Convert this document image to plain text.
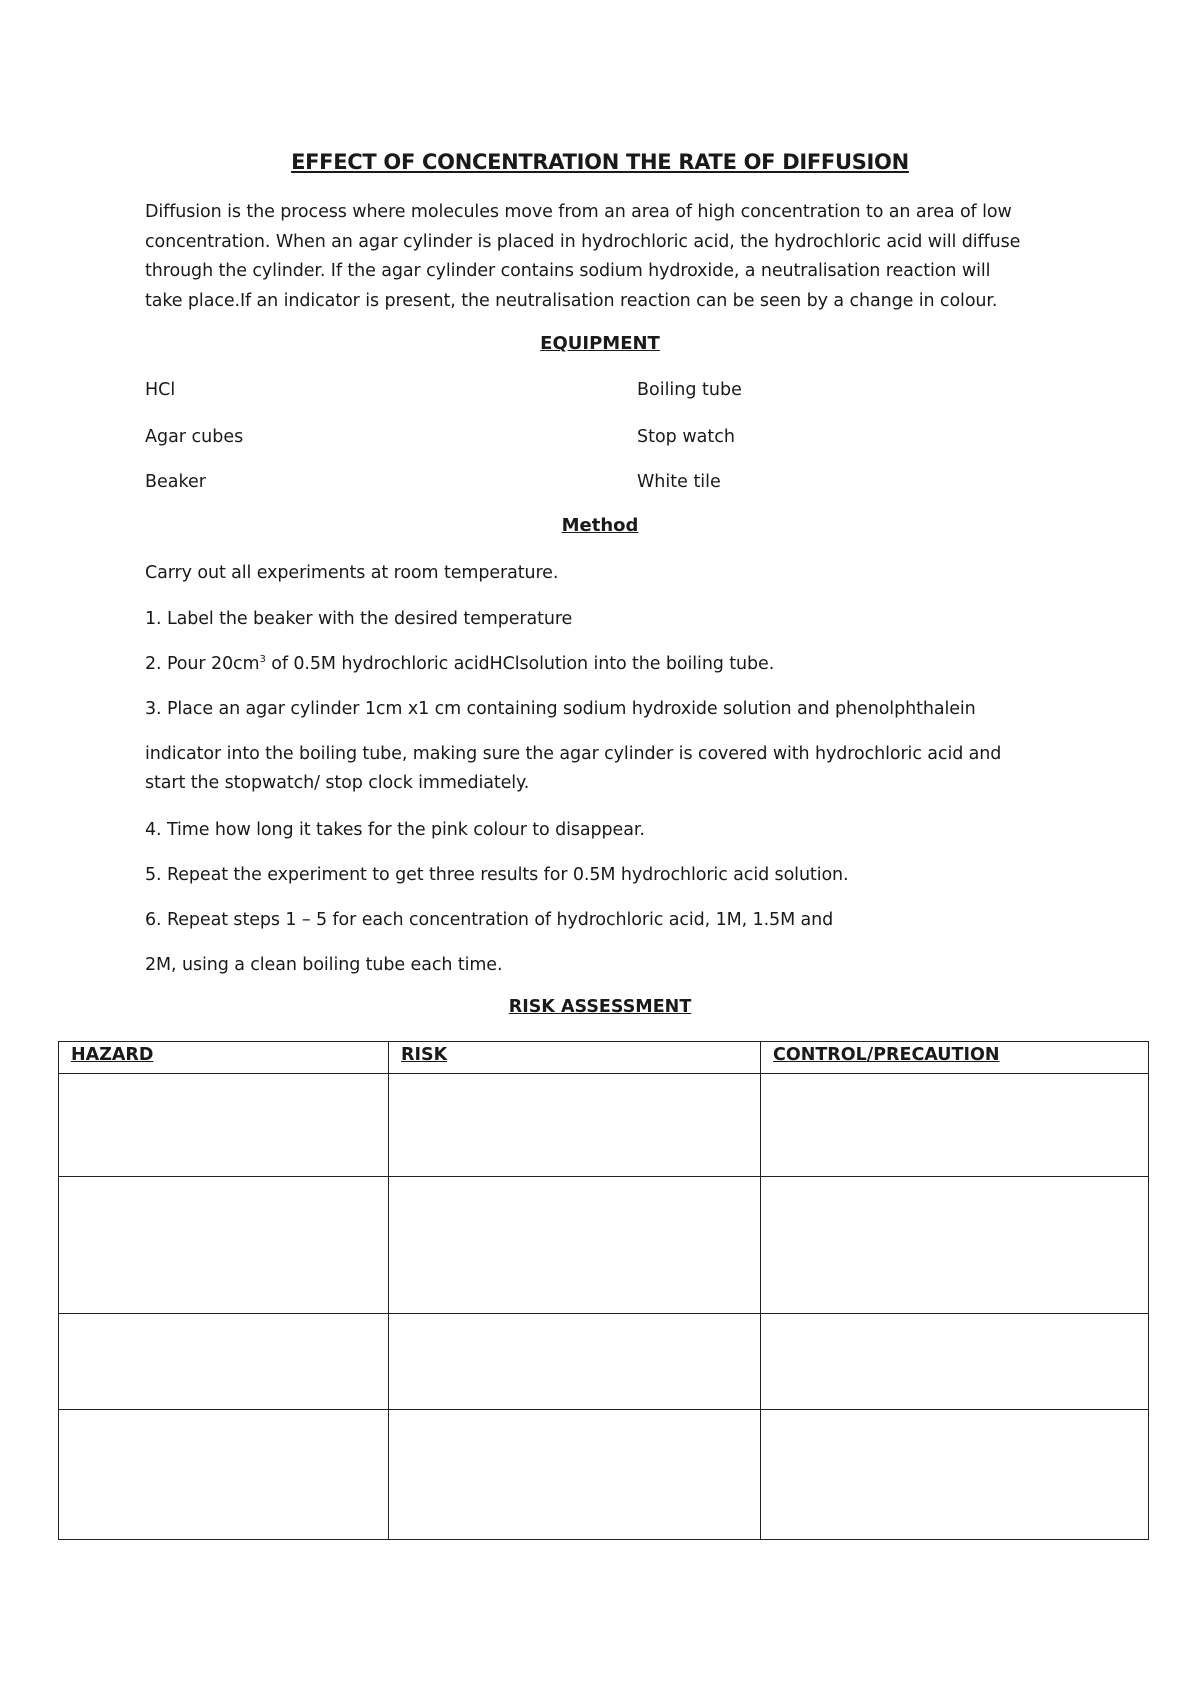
EFFECT OF CONCENTRATION THE RATE OF DIFFUSION
Diffusion is the process where molecules move from an area of high concentration to an area of low
concentration. When an agar cylinder is placed in hydrochloric acid, the hydrochloric acid will diffuse
through the cylinder. If the agar cylinder contains sodium hydroxide, a neutralisation reaction will
take place.If an indicator is present, the neutralisation reaction can be seen by a change in colour.
EQUIPMENT
HCl
Agar cubes
Beaker
Boiling tube
Stop watch
White tile
Method
Carry out all experiments at room temperature.
1. Label the beaker with the desired temperature
2. Pour $20cm^3$ of 0.5M hydrochloric acidHClsolution into the boiling tube.
3. Place an agar cylinder 1cm x1 cm containing sodium hydroxide solution and phenolphthalein
indicator into the boiling tube, making sure the agar cylinder is covered with hydrochloric acid and
start the stopwatch/ stop clock immediately.
4. Time how long it takes for the pink colour to disappear.
5. Repeat the experiment to get three results for 0.5M hydrochloric acid solution.
6. Repeat steps 1 – 5 for each concentration of hydrochloric acid, 1M, 1.5M and
2M, using a clean boiling tube each time.
RISK ASSESSMENT
HAZARD	RISK	CONTROL/PRECAUTION
